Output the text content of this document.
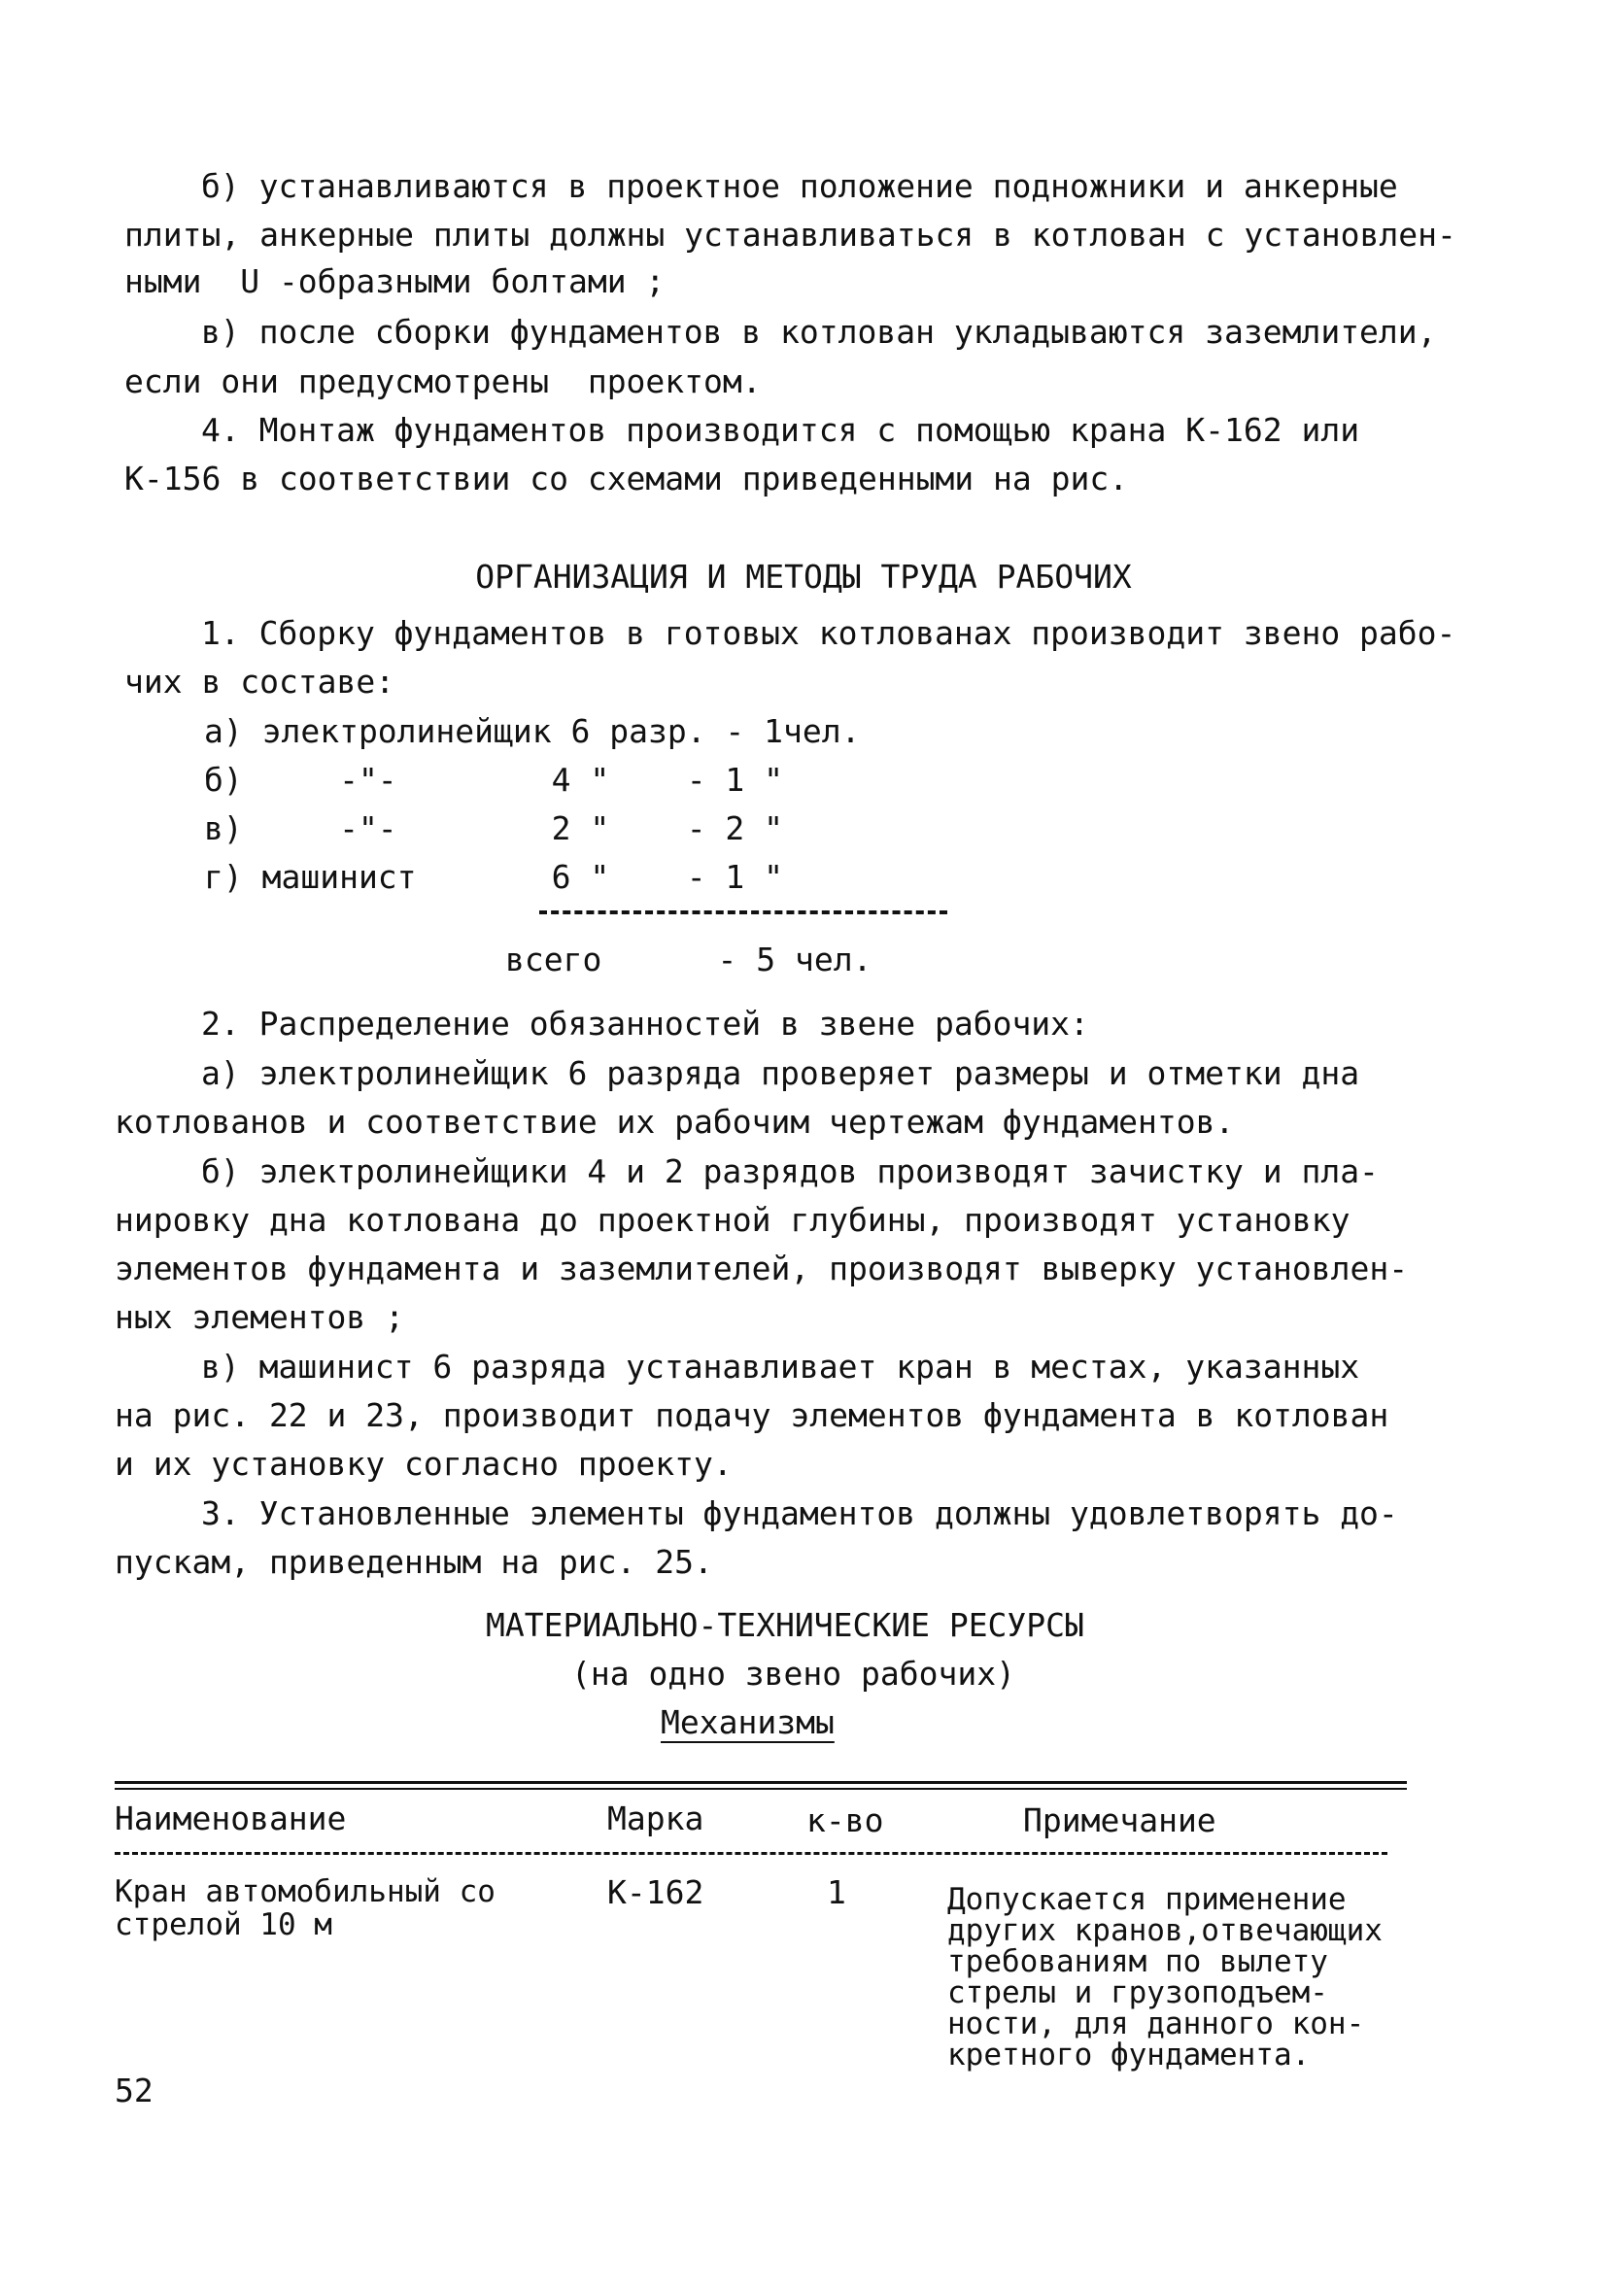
б) устанавливаются в проектное положение подножники и анкерные
плиты, анкерные плиты должны устанавливаться в котлован с установлен-
ными  U -образными болтами ;
в) после сборки фундаментов в котлован укладываются заземлители,
если они предусмотрены  проектом.
4. Монтаж фундаментов производится с помощью крана К-162 или
К-156 в соответствии со схемами приведенными на рис.
ОРГАНИЗАЦИЯ И МЕТОДЫ ТРУДА РАБОЧИХ
1. Сборку фундаментов в готовых котлованах производит звено рабо-
чих в составе:
а) электролинейщик 6 разр. - 1чел.
б)     -"-        4 "    - 1 "
в)     -"-        2 "    - 2 "
г) машинист       6 "    - 1 "
всего      - 5 чел.
2. Распределение обязанностей в звене рабочих:
а) электролинейщик 6 разряда проверяет размеры и отметки дна
котлованов и соответствие их рабочим чертежам фундаментов.
б) электролинейщики 4 и 2 разрядов производят зачистку и пла-
нировку дна котлована до проектной глубины, производят установку
элементов фундамента и заземлителей, производят выверку установлен-
ных элементов ;
в) машинист 6 разряда устанавливает кран в местах, указанных
на рис. 22 и 23, производит подачу элементов фундамента в котлован
и их установку согласно проекту.
3. Установленные элементы фундаментов должны удовлетворять до-
пускам, приведенным на рис. 25.
МАТЕРИАЛЬНО-ТЕХНИЧЕСКИЕ РЕСУРСЫ
(на одно звено рабочих)
Механизмы
Наименование	Марка	к-во	Примечание
Кран автомобильный со
стрелой 10 м
К-162	1	Допускается применение
других кранов,отвечающих
требованиям по вылету
стрелы и грузоподъем-
ности, для данного кон-
кретного фундамента.
52
